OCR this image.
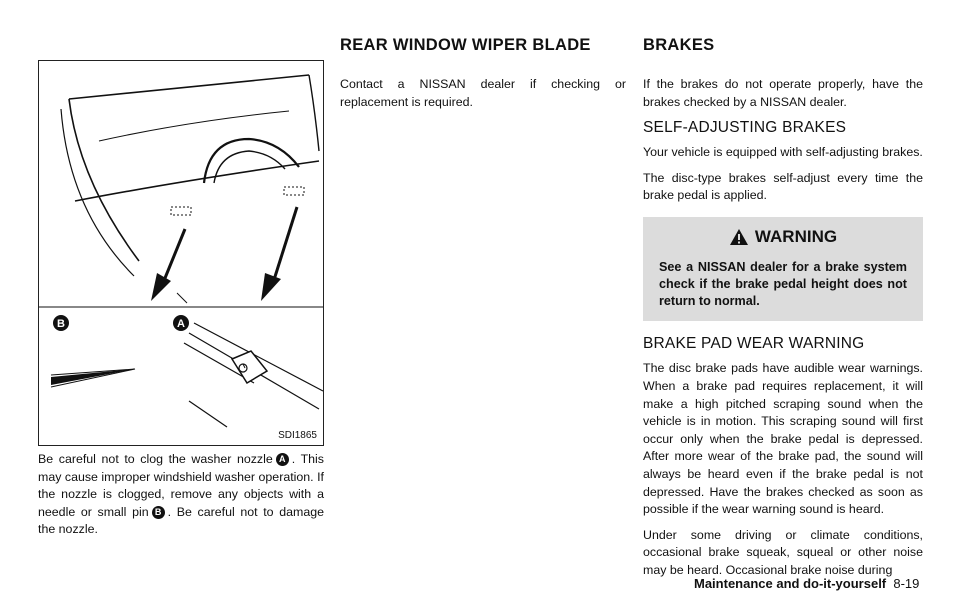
B	A
SDI1865

Be careful not to clog the washer nozzle A . This may cause improper windshield washer operation. If the nozzle is clogged, remove any objects with a needle or small pin B . Be careful not to damage the nozzle.

REAR WINDOW WIPER BLADE

Contact a NISSAN dealer if checking or replacement is required.

BRAKES

If the brakes do not operate properly, have the brakes checked by a NISSAN dealer.

SELF-ADJUSTING BRAKES

Your vehicle is equipped with self-adjusting brakes.

The disc-type brakes self-adjust every time the brake pedal is applied.

WARNING
See a NISSAN dealer for a brake system check if the brake pedal height does not return to normal.
BRAKE PAD WEAR WARNING

The disc brake pads have audible wear warnings. When a brake pad requires replacement, it will make a high pitched scraping sound when the vehicle is in motion. This scraping sound will first occur only when the brake pedal is depressed. After more wear of the brake pad, the sound will always be heard even if the brake pedal is not depressed. Have the brakes checked as soon as possible if the wear warning sound is heard.

Under some driving or climate conditions, occasional brake squeak, squeal or other noise may be heard. Occasional brake noise during

Maintenance and do-it-yourself 8-19
